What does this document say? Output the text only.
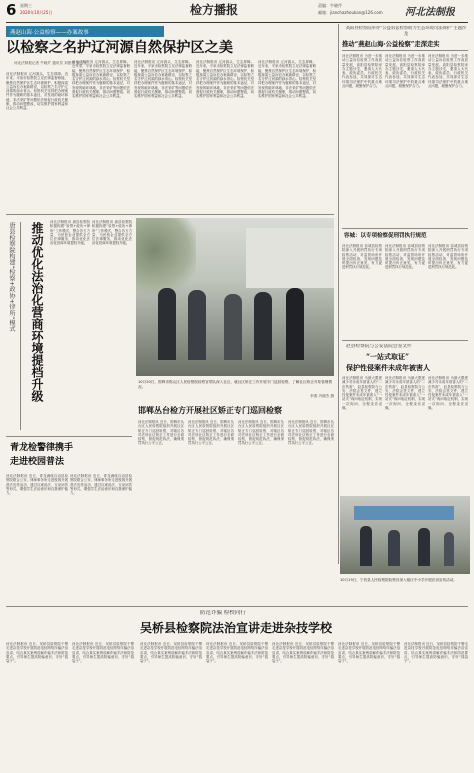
6 星期三
2020年10月25日	检方播报	责编：牛晓芹
邮箱：jianchazhoukan@126.com 河北法制报
燕赵山海·公益检察——办案故事
以检察之名护辽河源自然保护区之美
河北法制报记者 牛晓芹 通讯员 刘建华 张宝玉
河北法制报讯 辽河源头，生态屏障。近年来，平泉市检察院立足法律监督职能，聚焦自然保护区生态环境保护，积极探索公益诉讼办案新路径，以检察之名守护辽河源的绿水青山。检察机关坚持把办理案件作为履职的基本途径，对发现的破坏林地、非法采矿等问题依法督促行政机关履职，推动问题整改，切实维护国家利益和社会公共利益。
河北法制报讯 辽河源头，生态屏障。近年来，平泉市检察院立足法律监督职能，聚焦自然保护区生态环境保护，积极探索公益诉讼办案新路径，以检察之名守护辽河源的绿水青山。检察机关坚持把办理案件作为履职的基本途径，对发现的破坏林地、非法采矿等问题依法督促行政机关履职，推动问题整改，切实维护国家利益和社会公共利益。
河北法制报讯 辽河源头，生态屏障。近年来，平泉市检察院立足法律监督职能，聚焦自然保护区生态环境保护，积极探索公益诉讼办案新路径，以检察之名守护辽河源的绿水青山。检察机关坚持把办理案件作为履职的基本途径，对发现的破坏林地、非法采矿等问题依法督促行政机关履职，推动问题整改，切实维护国家利益和社会公共利益。
河北法制报讯 辽河源头，生态屏障。近年来，平泉市检察院立足法律监督职能，聚焦自然保护区生态环境保护，积极探索公益诉讼办案新路径，以检察之名守护辽河源的绿水青山。检察机关坚持把办理案件作为履职的基本途径，对发现的破坏林地、非法采矿等问题依法督促行政机关履职，推动问题整改，切实维护国家利益和社会公共利益。
河北法制报讯 辽河源头，生态屏障。近年来，平泉市检察院立足法律监督职能，聚焦自然保护区生态环境保护，积极探索公益诉讼办案新路径，以检察之名守护辽河源的绿水青山。检察机关坚持把办理案件作为履职的基本途径，对发现的破坏林地、非法采矿等问题依法督促行政机关履职，推动问题整改，切实维护国家利益和社会公共利益。
高阳县检察院举办“公益诉讼检察助力生态环境司法保护”主题沙龙
推动“燕赵山海·公益检察”走深走实
河北法制报讯 为进一步推动公益诉讼检察工作高质量发展，高阳县检察院举办主题沙龙，邀请人大代表、政协委员、行政机关代表参加，共同探讨生态环境司法保护中的重点难点问题，凝聚保护合力。
河北法制报讯 为进一步推动公益诉讼检察工作高质量发展，高阳县检察院举办主题沙龙，邀请人大代表、政协委员、行政机关代表参加，共同探讨生态环境司法保护中的重点难点问题，凝聚保护合力。
河北法制报讯 为进一步推动公益诉讼检察工作高质量发展，高阳县检察院举办主题沙龙，邀请人大代表、政协委员、行政机关代表参加，共同探讨生态环境司法保护中的重点难点问题，凝聚保护合力。
容城：以专项检察促刑罚执行规范
河北法制报讯 容城县检察院深入开展刑罚执行专项检察活动，对监管场所开展全面检查，发现问题及时提出纠正意见，有力促进刑罚执行规范化。
河北法制报讯 容城县检察院深入开展刑罚执行专项检察活动，对监管场所开展全面检查，发现问题及时提出纠正意见，有力促进刑罚执行规范化。
河北法制报讯 容城县检察院深入开展刑罚执行专项检察活动，对监管场所开展全面检查，发现问题及时提出纠正意见，有力促进刑罚执行规范化。
赵县检察院与公安法院会签文件
“一站式取证”
保护性侵案件未成年被害人
河北法制报讯 为最大限度减少对未成年被害人的“二次伤害”，赵县检察院与公安、法院会签文件，建立性侵案件未成年被害人“一站式”询问取证机制，实现一次询问、全程录音录像。
河北法制报讯 为最大限度减少对未成年被害人的“二次伤害”，赵县检察院与公安、法院会签文件，建立性侵案件未成年被害人“一站式”询问取证机制，实现一次询问、全程录音录像。
河北法制报讯 为最大限度减少对未成年被害人的“二次伤害”，赵县检察院与公安、法院会签文件，建立性侵案件未成年被害人“一站式”询问取证机制，实现一次询问、全程录音录像。
10月19日，宁晋县人民检察院检察官深入辖区中小学开展法治宣传活动。
推动优化法治化营商环境提档升级
唐县检察院构建“检察+政协+律所”模式	河北法制报讯 唐县检察院积极构建“检察+政协+律所”工作模式，整合各方力量，为民营企业提供全方位法律服务，推动优化法治化营商环境提档升级。
河北法制报讯 唐县检察院积极构建“检察+政协+律所”工作模式，整合各方力量，为民营企业提供全方位法律服务，推动优化法治化营商环境提档升级。
10月20日，邯郸市邯山区人民检察院检察官带队深入社区，就社区矫正工作开展专门巡回检察，了解社区矫正对象管理情况。
李燕 冯晓杰 摄
邯郸丛台检方开展社区矫正专门巡回检察
河北法制报讯 近日，邯郸市丛台区人民检察院组织开展社区矫正专门巡回检察，对辖区各司法所社区矫正工作进行全面检察，督促规范执法，确保刑罚执行公平公正。
河北法制报讯 近日，邯郸市丛台区人民检察院组织开展社区矫正专门巡回检察，对辖区各司法所社区矫正工作进行全面检察，督促规范执法，确保刑罚执行公平公正。
河北法制报讯 近日，邯郸市丛台区人民检察院组织开展社区矫正专门巡回检察，对辖区各司法所社区矫正工作进行全面检察，督促规范执法，确保刑罚执行公平公正。
河北法制报讯 近日，邯郸市丛台区人民检察院组织开展社区矫正专门巡回检察，对辖区各司法所社区矫正工作进行全面检察，督促规范执法，确保刑罚执行公平公正。
青龙检警律携手
走进校园普法
河北法制报讯 近日，青龙满族自治县检察院联合公安、律师事务所走进校园开展普法宣传活动，通过以案说法、互动问答等形式，增强学生法治意识和自我保护能力。
河北法制报讯 近日，青龙满族自治县检察院联合公安、律师事务所走进校园开展普法宣传活动，通过以案说法、互动问答等形式，增强学生法治意识和自我保护能力。
防范诈骗 检校同行
吴桥县检察院法治宣讲走进杂技学校
河北法制报讯 近日，吴桥县检察院干警走进杂技学校开展防范电信网络诈骗法治宣讲，结合真实案例讲解诈骗手法和防范要点，引导师生提高防骗意识，守好“钱袋子”。
河北法制报讯 近日，吴桥县检察院干警走进杂技学校开展防范电信网络诈骗法治宣讲，结合真实案例讲解诈骗手法和防范要点，引导师生提高防骗意识，守好“钱袋子”。
河北法制报讯 近日，吴桥县检察院干警走进杂技学校开展防范电信网络诈骗法治宣讲，结合真实案例讲解诈骗手法和防范要点，引导师生提高防骗意识，守好“钱袋子”。
河北法制报讯 近日，吴桥县检察院干警走进杂技学校开展防范电信网络诈骗法治宣讲，结合真实案例讲解诈骗手法和防范要点，引导师生提高防骗意识，守好“钱袋子”。
河北法制报讯 近日，吴桥县检察院干警走进杂技学校开展防范电信网络诈骗法治宣讲，结合真实案例讲解诈骗手法和防范要点，引导师生提高防骗意识，守好“钱袋子”。
河北法制报讯 近日，吴桥县检察院干警走进杂技学校开展防范电信网络诈骗法治宣讲，结合真实案例讲解诈骗手法和防范要点，引导师生提高防骗意识，守好“钱袋子”。
河北法制报讯 近日，吴桥县检察院干警走进杂技学校开展防范电信网络诈骗法治宣讲，结合真实案例讲解诈骗手法和防范要点，引导师生提高防骗意识，守好“钱袋子”。
